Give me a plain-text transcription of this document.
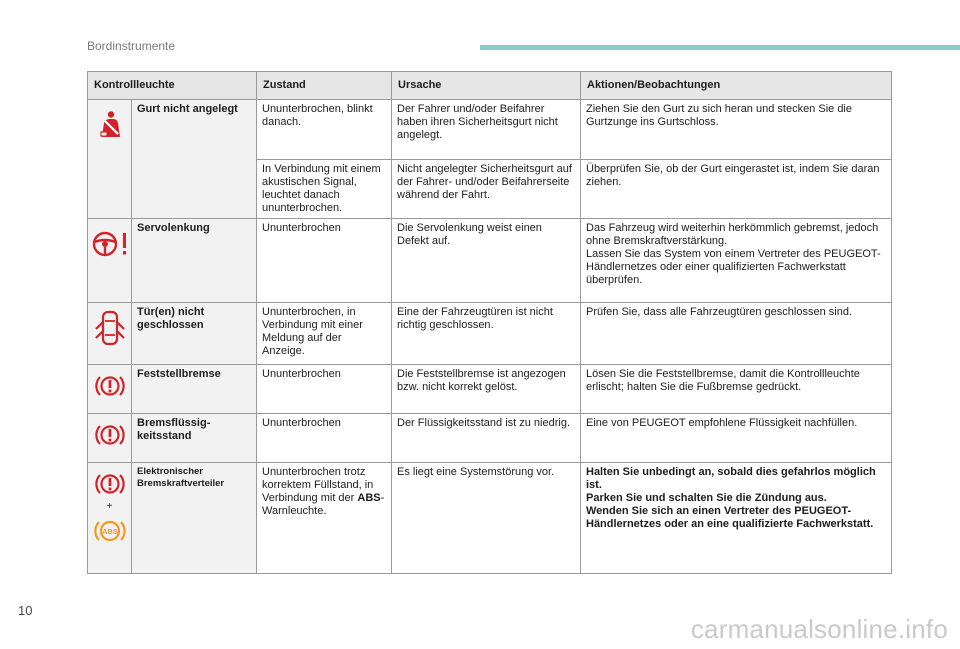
Bordinstrumente
Kontrollleuchte		Zustand	Ursache	Aktionen/Beobachtungen

	Gurt nicht angelegt	Ununterbrochen, blinkt danach.	Der Fahrer und/oder Beifahrer haben ihren Sicherheitsgurt nicht angelegt.	Ziehen Sie den Gurt zu sich heran und stecken Sie die Gurtzunge ins Gurtschloss.
		In Verbindung mit einem akustischen Signal, leuchtet danach ununterbrochen.	Nicht angelegter Sicherheitsgurt auf der Fahrer- und/oder Beifahrerseite während der Fahrt.	Überprüfen Sie, ob der Gurt eingerastet ist, indem Sie daran ziehen.

	Servolenkung	Ununterbrochen	Die Servolenkung weist einen Defekt auf.	Das Fahrzeug wird weiterhin herkömmlich gebremst, jedoch ohne Bremskraftverstärkung.
Lassen Sie das System von einem Vertreter des PEUGEOT-Händlernetzes oder einer qualifizierten Fachwerkstatt überprüfen.

	Tür(en) nicht geschlossen	Ununterbrochen, in Verbindung mit einer Meldung auf der Anzeige.	Eine der Fahrzeugtüren ist nicht richtig geschlossen.	Prüfen Sie, dass alle Fahrzeugtüren geschlossen sind.

	Feststellbremse	Ununterbrochen	Die Feststellbremse ist angezogen bzw. nicht korrekt gelöst.	Lösen Sie die Feststellbremse, damit die Kontrollleuchte erlischt; halten Sie die Fußbremse gedrückt.

	Bremsflüssig-keitsstand	Ununterbrochen	Der Flüssigkeitsstand ist zu niedrig.	Eine von PEUGEOT empfohlene Flüssigkeit nachfüllen.

+
ABS	Elektronischer Bremskraftverteiler	Ununterbrochen trotz korrektem Füllstand, in Verbindung mit der ABS-Warnleuchte.	Es liegt eine Systemstörung vor.	Halten Sie unbedingt an, sobald dies gefahrlos möglich ist.
Parken Sie und schalten Sie die Zündung aus.
Wenden Sie sich an einen Vertreter des PEUGEOT-Händlernetzes oder an eine qualifizierte Fachwerkstatt.
10
carmanualsonline.info
